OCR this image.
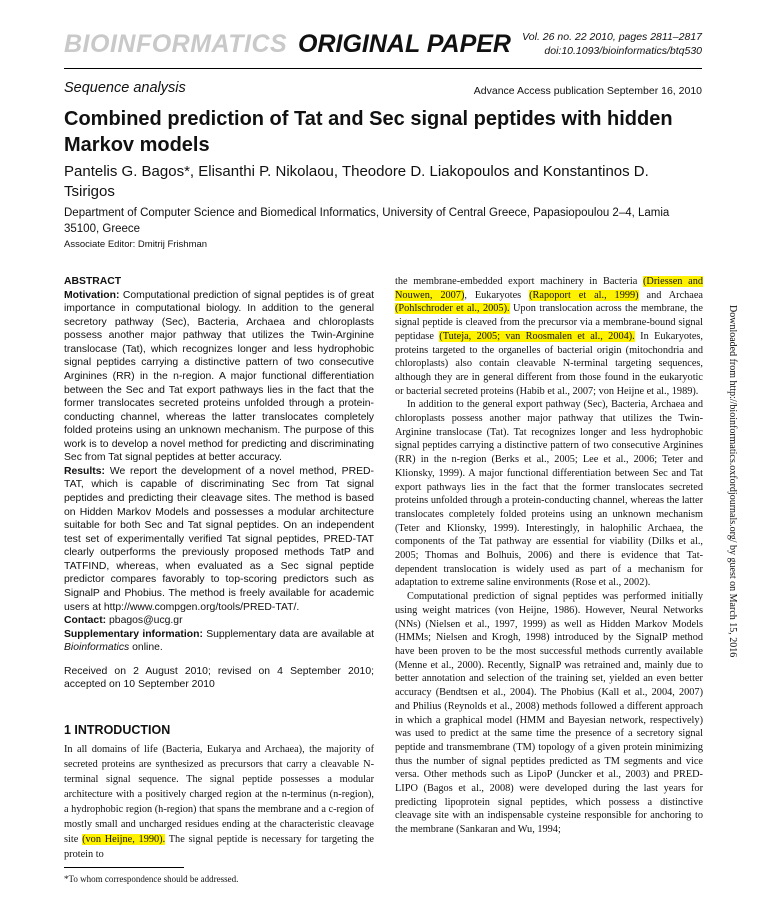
BIOINFORMATICS ORIGINAL PAPER Vol. 26 no. 22 2010, pages 2811–2817
doi:10.1093/bioinformatics/btq530
Sequence analysis	Advance Access publication September 16, 2010
Combined prediction of Tat and Sec signal peptides with hidden Markov models
Pantelis G. Bagos*, Elisanthi P. Nikolaou, Theodore D. Liakopoulos and Konstantinos D. Tsirigos
Department of Computer Science and Biomedical Informatics, University of Central Greece, Papasiopoulou 2–4, Lamia 35100, Greece
Associate Editor: Dmitrij Frishman

ABSTRACT

Motivation: Computational prediction of signal peptides is of great importance in computational biology. In addition to the general secretory pathway (Sec), Bacteria, Archaea and chloroplasts possess another major pathway that utilizes the Twin-Arginine translocase (Tat), which recognizes longer and less hydrophobic signal peptides carrying a distinctive pattern of two consecutive Arginines (RR) in the n-region. A major functional differentiation between the Sec and Tat export pathways lies in the fact that the former translocates secreted proteins unfolded through a protein-conducting channel, whereas the latter translocates completely folded proteins using an unknown mechanism. The purpose of this work is to develop a novel method for predicting and discriminating Sec from Tat signal peptides at better accuracy.

Results: We report the development of a novel method, PRED-TAT, which is capable of discriminating Sec from Tat signal peptides and predicting their cleavage sites. The method is based on Hidden Markov Models and possesses a modular architecture suitable for both Sec and Tat signal peptides. On an independent test set of experimentally verified Tat signal peptides, PRED-TAT clearly outperforms the previously proposed methods TatP and TATFIND, whereas, when evaluated as a Sec signal peptide predictor compares favorably to top-scoring predictors such as SignalP and Phobius. The method is freely available for academic users at http://www.compgen.org/tools/PRED-TAT/.

Contact: pbagos@ucg.gr

Supplementary information: Supplementary data are available at Bioinformatics online.

Received on 2 August 2010; revised on 4 September 2010; accepted on 10 September 2010

1 INTRODUCTION
In all domains of life (Bacteria, Eukarya and Archaea), the majority of secreted proteins are synthesized as precursors that carry a cleavable N-terminal signal sequence. The signal peptide possesses a modular architecture with a positively charged region at the n-terminus (n-region), a hydrophobic region (h-region) that spans the membrane and a c-region of mostly small and uncharged residues ending at the characteristic cleavage site (von Heijne, 1990). The signal peptide is necessary for targeting the protein to
*To whom correspondence should be addressed.

the membrane-embedded export machinery in Bacteria (Driessen and Nouwen, 2007), Eukaryotes (Rapoport et al., 1999) and Archaea (Pohlschroder et al., 2005). Upon translocation across the membrane, the signal peptide is cleaved from the precursor via a membrane-bound signal peptidase (Tuteja, 2005; van Roosmalen et al., 2004). In Eukaryotes, proteins targeted to the organelles of bacterial origin (mitochondria and chloroplasts) also contain cleavable N-terminal targeting sequences, although they are in general different from those found in the eukaryotic or bacterial secreted proteins (Habib et al., 2007; von Heijne et al., 1989).

In addition to the general export pathway (Sec), Bacteria, Archaea and chloroplasts possess another major pathway that utilizes the Twin-Arginine translocase (Tat). Tat recognizes longer and less hydrophobic signal peptides carrying a distinctive pattern of two consecutive Arginines (RR) in the n-region (Berks et al., 2005; Lee et al., 2006; Teter and Klionsky, 1999). A major functional differentiation between Sec and Tat export pathways lies in the fact that the former translocates secreted proteins unfolded through a protein-conducting channel, whereas the latter translocates completely folded proteins using an unknown mechanism (Teter and Klionsky, 1999). Interestingly, in halophilic Archaea, the components of the Tat pathway are essential for viability (Dilks et al., 2005; Thomas and Bolhuis, 2006) and there is evidence that Tat-dependent translocation is widely used as part of a mechanism for adaptation to extreme saline environments (Rose et al., 2002).

Computational prediction of signal peptides was performed initially using weight matrices (von Heijne, 1986). However, Neural Networks (NNs) (Nielsen et al., 1997, 1999) as well as Hidden Markov Models (HMMs; Nielsen and Krogh, 1998) introduced by the SignalP method have been proven to be the most successful methods currently available (Menne et al., 2000). Recently, SignalP was retrained and, mainly due to better annotation and selection of the training set, yielded an even better accuracy (Bendtsen et al., 2004). The Phobius (Kall et al., 2004, 2007) and Philius (Reynolds et al., 2008) methods followed a different approach in which a graphical model (HMM and Bayesian network, respectively) was used to predict at the same time the presence of a secretory signal peptide and transmembrane (TM) topology of a given protein minimizing thus the number of signal peptides predicted as TM segments and vice versa. Other methods such as LipoP (Juncker et al., 2003) and PRED-LIPO (Bagos et al., 2008) were developed during the last years for predicting lipoprotein signal peptides, which possess a distinctive cleavage site with an indispensable cysteine responsible for anchoring to the membrane (Sankaran and Wu, 1994;

Downloaded from http://bioinformatics.oxfordjournals.org/ by guest on March 15, 2016
